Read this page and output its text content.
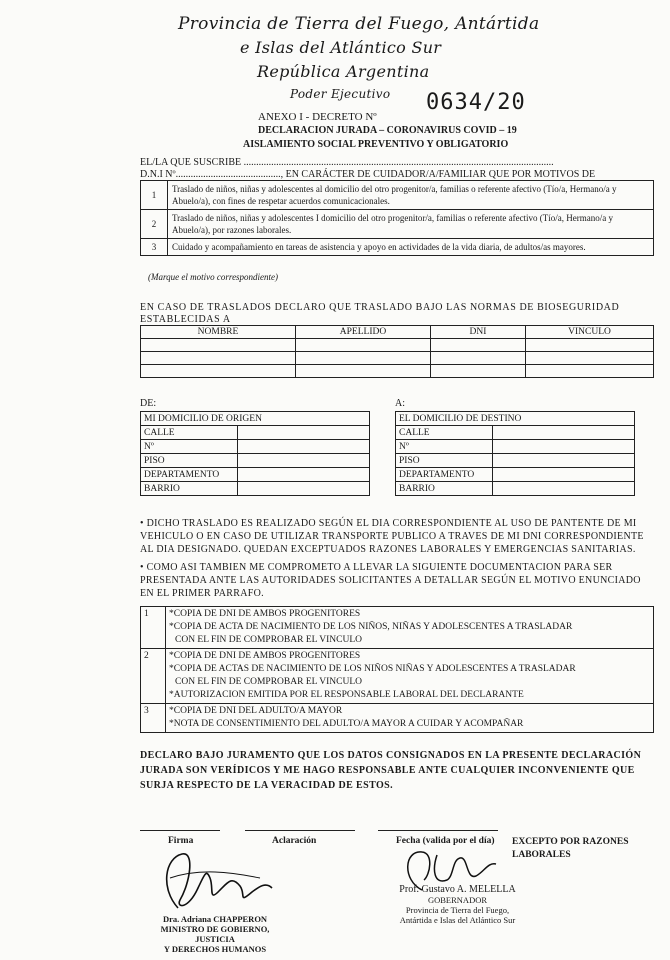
Provincia de Tierra del Fuego, Antártida
e Islas del Atlántico Sur
República Argentina
Poder Ejecutivo
ANEXO I - DECRETO Nº
0634/20
DECLARACION JURADA – CORONAVIRUS COVID – 19
AISLAMIENTO SOCIAL PREVENTIVO Y OBLIGATORIO
EL/LA QUE SUSCRIBE ............................................................................................................................
D.N.I Nº.........................................., EN CARÁCTER DE CUIDADOR/A/FAMILIAR QUE POR MOTIVOS DE
1	Traslado de niños, niñas y adolescentes al domicilio del otro progenitor/a, familias o referente afectivo (Tío/a, Hermano/a y Abuelo/a), con fines de respetar acuerdos comunicacionales.
2	Traslado de niños, niñas y adolescentes I domicilio del otro progenitor/a, familias o referente afectivo (Tío/a, Hermano/a y Abuelo/a), por razones laborales.
3	Cuidado y acompañamiento en tareas de asistencia y apoyo en actividades de la vida diaria, de adultos/as mayores.
(Marque el motivo correspondiente)
EN CASO DE TRASLADOS DECLARO QUE TRASLADO BAJO LAS NORMAS DE BIOSEGURIDAD ESTABLECIDAS A
NOMBRE	APELLIDO	DNI	VINCULO

DE:	A:
MI DOMICILIO DE ORIGEN	
CALLE	
Nº	
PISO	
DEPARTAMENTO	
BARRIO	
EL DOMICILIO DE DESTINO	
CALLE	
Nº	
PISO	
DEPARTAMENTO	
BARRIO	
• DICHO TRASLADO ES REALIZADO SEGÚN EL DIA CORRESPONDIENTE AL USO DE PANTENTE DE MI VEHICULO O EN CASO DE UTILIZAR TRANSPORTE PUBLICO A TRAVES DE MI DNI CORRESPONDIENTE AL DIA DESIGNADO. QUEDAN EXCEPTUADOS RAZONES LABORALES Y EMERGENCIAS SANITARIAS.
• COMO ASI TAMBIEN ME COMPROMETO A LLEVAR LA SIGUIENTE DOCUMENTACION PARA SER PRESENTADA ANTE LAS AUTORIDADES SOLICITANTES A DETALLAR SEGÚN EL MOTIVO ENUNCIADO EN EL PRIMER PARRAFO.
1	*COPIA DE DNI DE AMBOS PROGENITORES
*COPIA DE ACTA DE NACIMIENTO DE LOS NIÑOS, NIÑAS Y ADOLESCENTES A TRASLADAR
CON EL FIN DE COMPROBAR EL VINCULO

2	*COPIA DE DNI DE AMBOS PROGENITORES
*COPIA DE ACTAS DE NACIMIENTO DE LOS NIÑOS NIÑAS Y ADOLESCENTES A TRASLADAR
CON EL FIN DE COMPROBAR EL VINCULO
*AUTORIZACION EMITIDA POR EL RESPONSABLE LABORAL DEL DECLARANTE

3	*COPIA DE DNI DEL ADULTO/A MAYOR
*NOTA DE CONSENTIMIENTO DEL ADULTO/A MAYOR A CUIDAR Y ACOMPAÑAR
DECLARO BAJO JURAMENTO QUE LOS DATOS CONSIGNADOS EN LA PRESENTE DECLARACIÓN JURADA SON VERÍDICOS Y ME HAGO RESPONSABLE ANTE CUALQUIER INCONVENIENTE QUE SURJA RESPECTO DE LA VERACIDAD DE ESTOS.
Firma	Aclaración	Fecha (valida por el día) EXCEPTO POR RAZONES
LABORALES
Dra. Adriana CHAPPERON
MINISTRO DE GOBIERNO, JUSTICIA
Y DERECHOS HUMANOS
Prof. Gustavo A. MELELLA
GOBERNADOR
Provincia de Tierra del Fuego,
Antártida e Islas del Atlántico Sur
